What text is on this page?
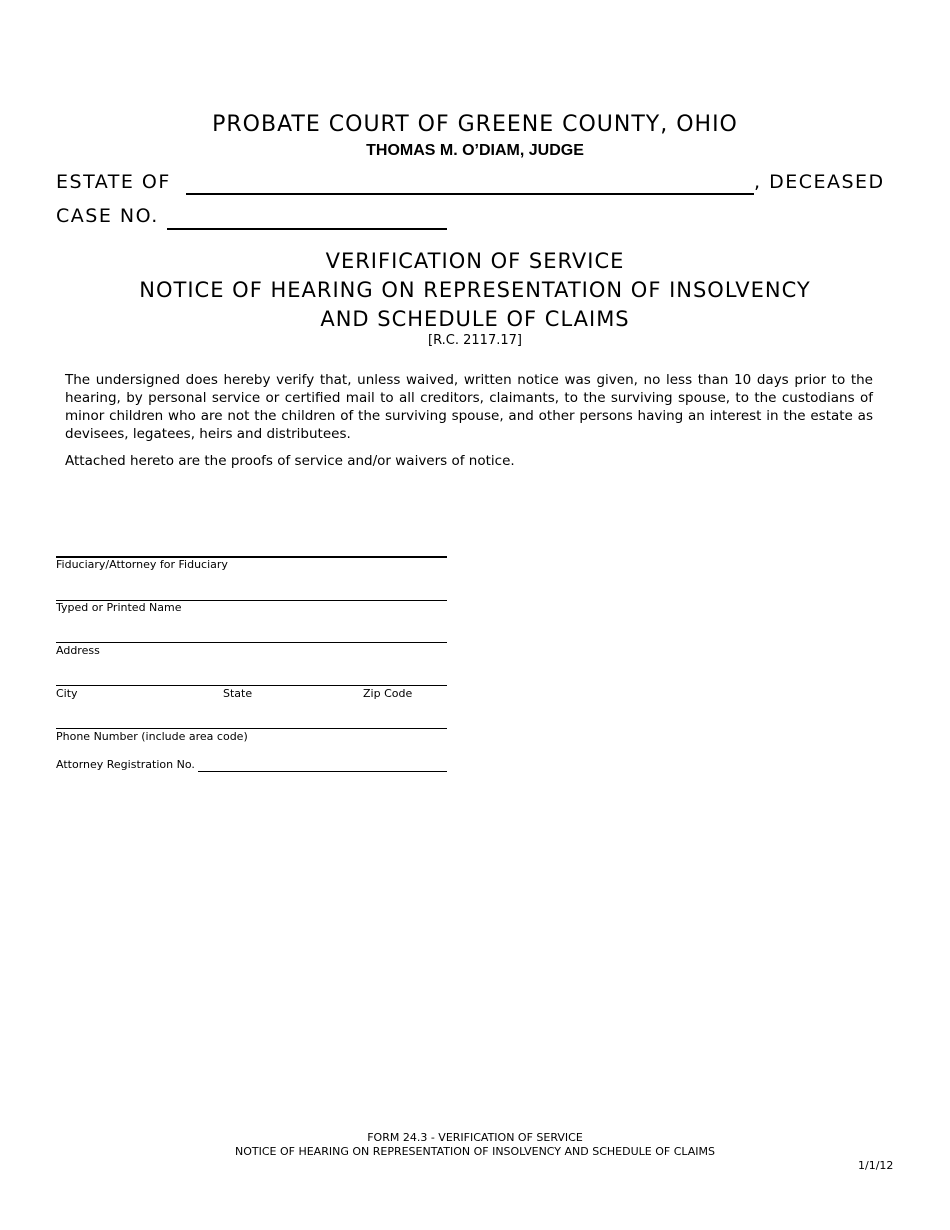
PROBATE COURT OF GREENE COUNTY, OHIO
THOMAS M. O’DIAM, JUDGE
ESTATE OF	, DECEASED
CASE NO.
VERIFICATION OF SERVICE
NOTICE OF HEARING ON REPRESENTATION OF INSOLVENCY
AND SCHEDULE OF CLAIMS
[R.C. 2117.17]
The undersigned does hereby verify that, unless waived, written notice was given, no less than 10 days prior to the hearing, by personal service or certified mail to all creditors, claimants, to the surviving spouse, to the custodians of minor children who are not the children of the surviving spouse, and other persons having an interest in the estate as devisees, legatees, heirs and distributees.
Attached hereto are the proofs of service and/or waivers of notice.
Fiduciary/Attorney for Fiduciary
Typed or Printed Name
Address
City	State	Zip Code
Phone Number (include area code)
Attorney Registration No.
FORM 24.3 - VERIFICATION OF SERVICE
NOTICE OF HEARING ON REPRESENTATION OF INSOLVENCY AND SCHEDULE OF CLAIMS
1/1/12
